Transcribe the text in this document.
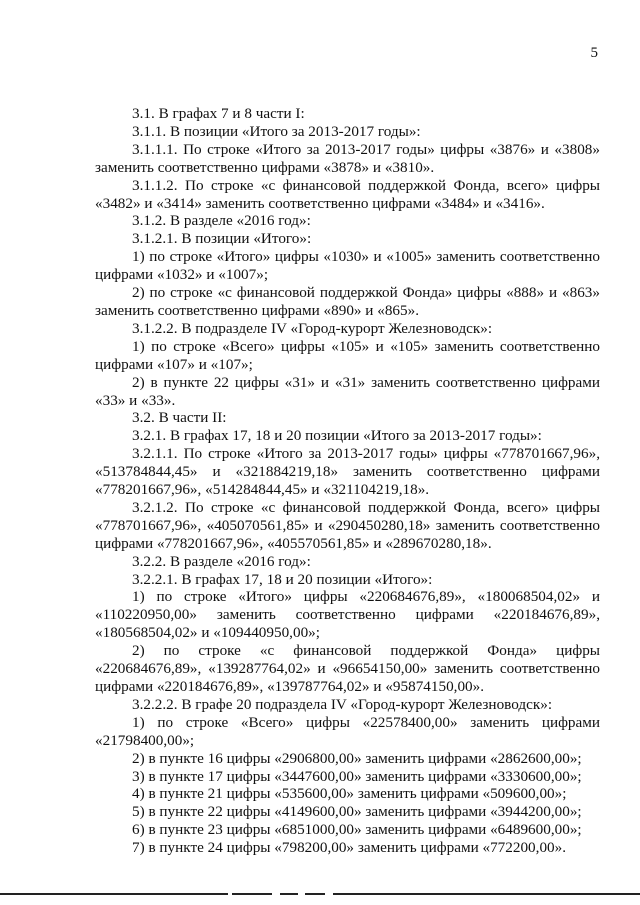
5

3.1. В графах 7 и 8 части I:

3.1.1. В позиции «Итого за 2013-2017 годы»:

3.1.1.1. По строке «Итого за 2013-2017 годы» цифры «3876» и «3808» заменить соответственно цифрами «3878» и «3810».

3.1.1.2. По строке «с финансовой поддержкой Фонда, всего» цифры «3482» и «3414» заменить соответственно цифрами «3484» и «3416».

3.1.2. В разделе «2016 год»:

3.1.2.1. В позиции «Итого»:

1) по строке «Итого» цифры «1030» и «1005» заменить соответственно цифрами «1032» и «1007»;

2) по строке «с финансовой поддержкой Фонда» цифры «888» и «863» заменить соответственно цифрами «890» и «865».

3.1.2.2. В подразделе IV «Город-курорт Железноводск»:

1) по строке «Всего» цифры «105» и «105» заменить соответственно цифрами «107» и «107»;

2) в пункте 22 цифры «31» и «31» заменить соответственно цифрами «33» и «33».

3.2. В части II:

3.2.1. В графах 17, 18 и 20 позиции «Итого за 2013-2017 годы»:

3.2.1.1. По строке «Итого за 2013-2017 годы» цифры «778701667,96», «513784844,45» и «321884219,18» заменить соответственно цифрами «778201667,96», «514284844,45» и «321104219,18».

3.2.1.2. По строке «с финансовой поддержкой Фонда, всего» цифры «778701667,96», «405070561,85» и «290450280,18» заменить соответственно цифрами «778201667,96», «405570561,85» и «289670280,18».

3.2.2. В разделе «2016 год»:

3.2.2.1. В графах 17, 18 и 20 позиции «Итого»:

1) по строке «Итого» цифры «220684676,89», «180068504,02» и «110220950,00» заменить соответственно цифрами «220184676,89», «180568504,02» и «109440950,00»;

2) по строке «с финансовой поддержкой Фонда» цифры «220684676,89», «139287764,02» и «96654150,00» заменить соответственно цифрами «220184676,89», «139787764,02» и «95874150,00».

3.2.2.2. В графе 20 подраздела IV «Город-курорт Железноводск»:

1) по строке «Всего» цифры «22578400,00» заменить цифрами «21798400,00»;

2) в пункте 16 цифры «2906800,00» заменить цифрами «2862600,00»;

3) в пункте 17 цифры «3447600,00» заменить цифрами «3330600,00»;

4) в пункте 21 цифры «535600,00» заменить цифрами «509600,00»;

5) в пункте 22 цифры «4149600,00» заменить цифрами «3944200,00»;

6) в пункте 23 цифры «6851000,00» заменить цифрами «6489600,00»;

7) в пункте 24 цифры «798200,00» заменить цифрами «772200,00».
